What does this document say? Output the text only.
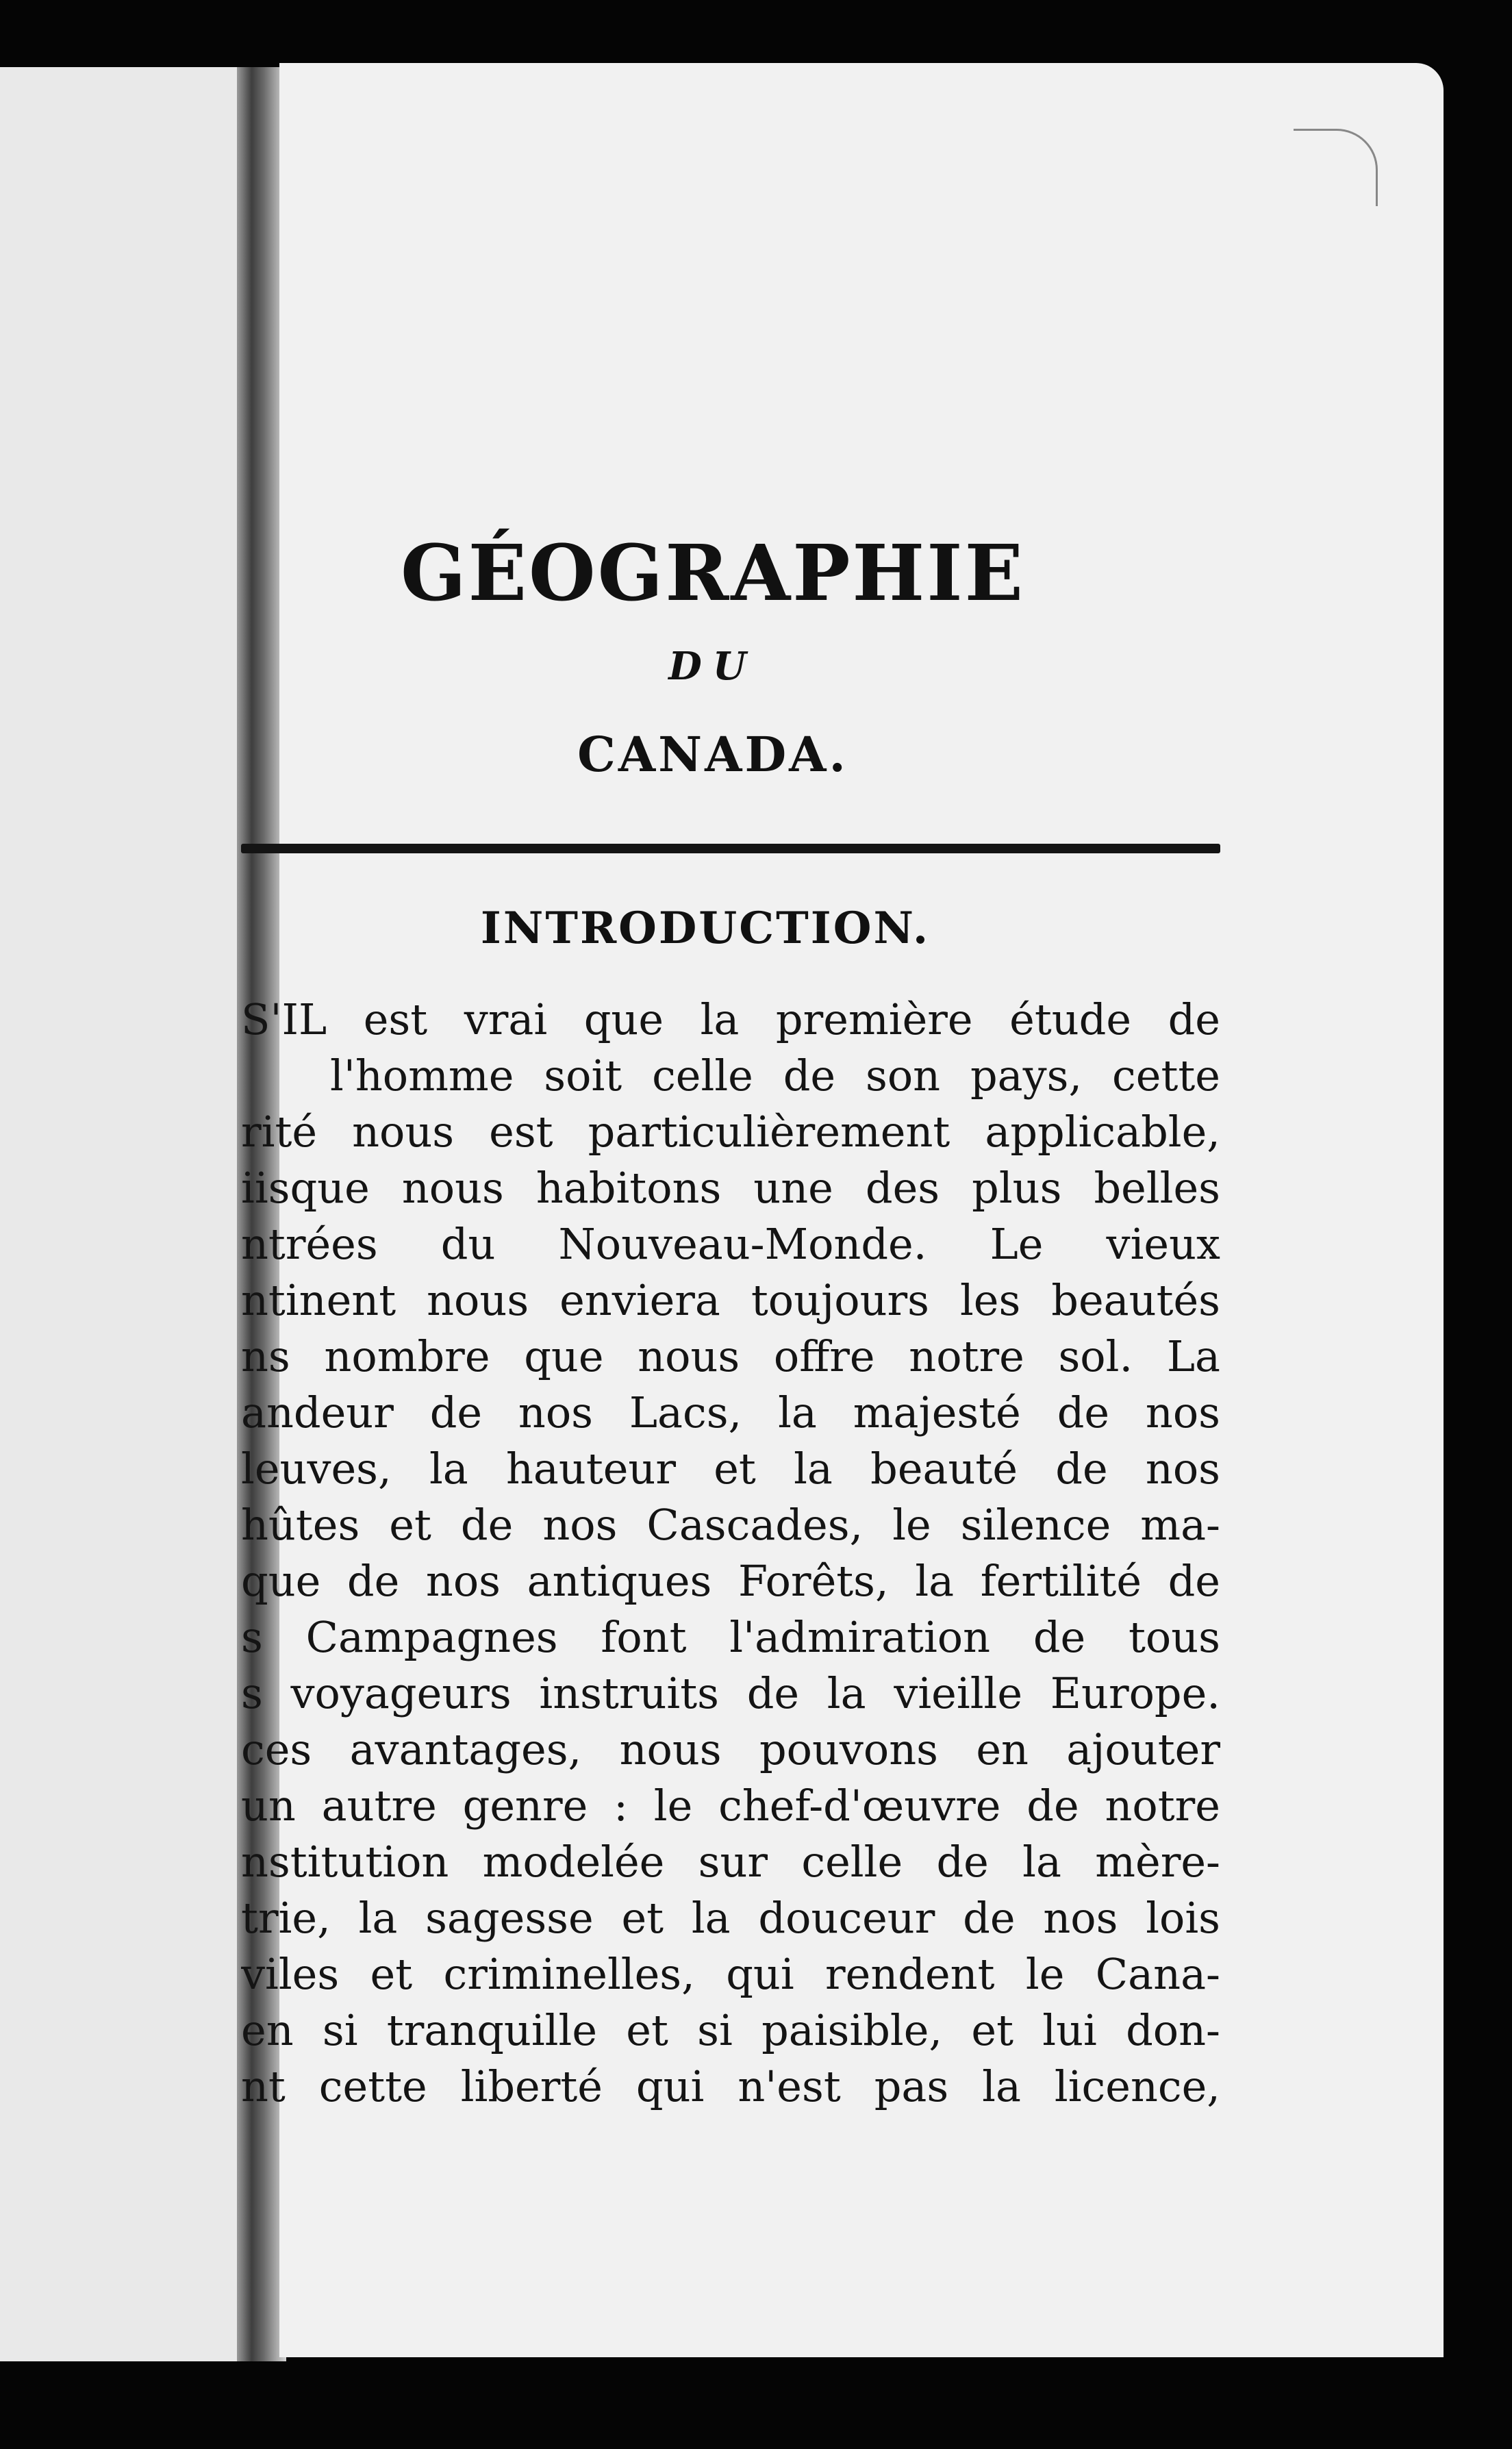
GÉOGRAPHIE
DU
CANADA.
INTRODUCTION.
S'IL est vrai que la première étude de
l'homme soit celle de son pays, cette
rité nous est particulièrement applicable,
iisque nous habitons une des plus belles
ntrées du Nouveau-Monde. Le vieux
ntinent nous enviera toujours les beautés
ns nombre que nous offre notre sol. La
andeur de nos Lacs, la majesté de nos
leuves, la hauteur et la beauté de nos
hûtes et de nos Cascades, le silence ma-
que de nos antiques Forêts, la fertilité de
s Campagnes font l'admiration de tous
s voyageurs instruits de la vieille Europe.
ces avantages, nous pouvons en ajouter
un autre genre : le chef-d'œuvre de notre
nstitution modelée sur celle de la mère-
trie, la sagesse et la douceur de nos lois
viles et criminelles, qui rendent le Cana-
en si tranquille et si paisible, et lui don-
nt cette liberté qui n'est pas la licence,
